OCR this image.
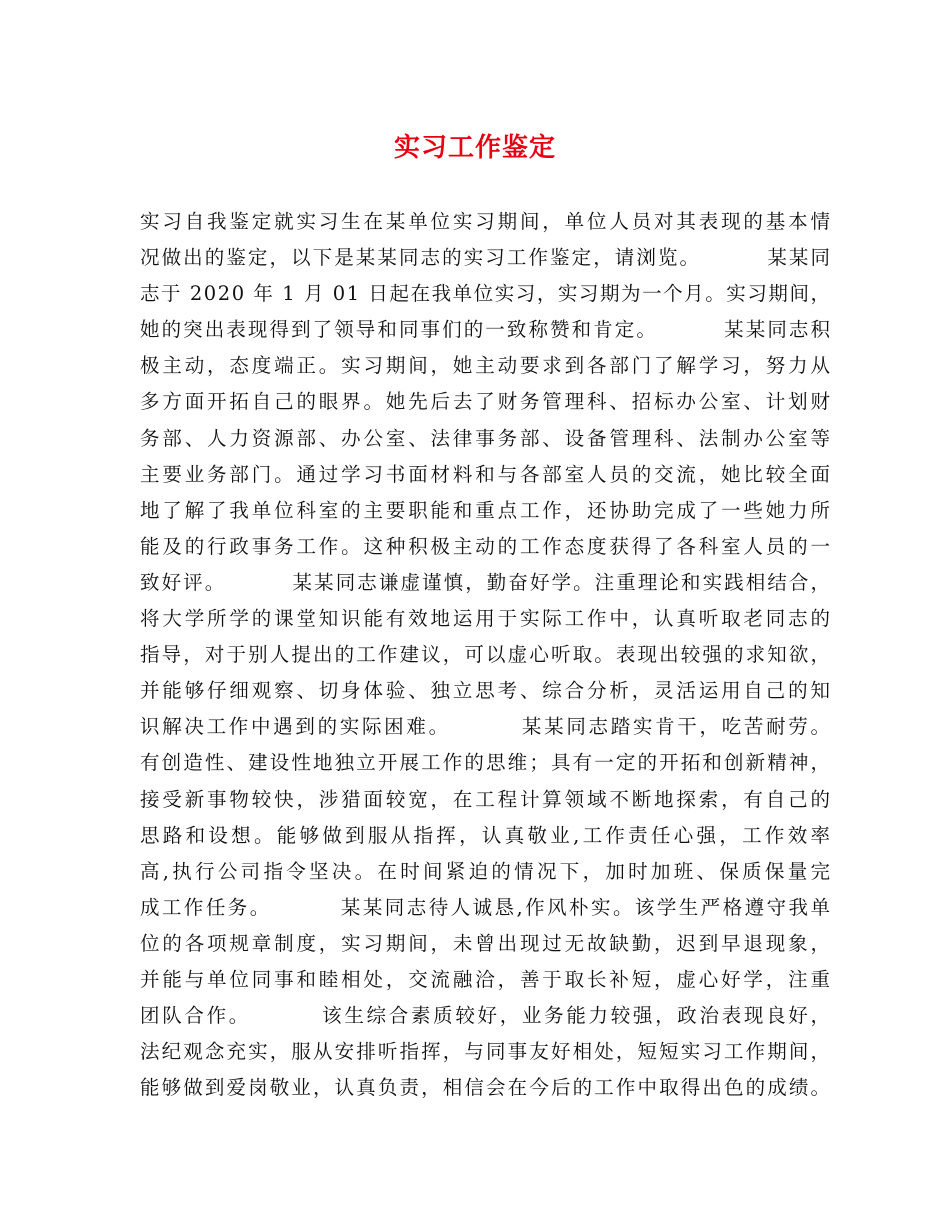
实习工作鉴定
实习自我鉴定就实习生在某单位实习期间，单位人员对其表现的基本情
况做出的鉴定，以下是某某同志的实习工作鉴定，请浏览。        某某同
志于 2020 年 1 月 01 日起在我单位实习，实习期为一个月。实习期间，
她的突出表现得到了领导和同事们的一致称赞和肯定。        某某同志积
极主动，态度端正。实习期间，她主动要求到各部门了解学习，努力从
多方面开拓自己的眼界。她先后去了财务管理科、招标办公室、计划财
务部、人力资源部、办公室、法律事务部、设备管理科、法制办公室等
主要业务部门。通过学习书面材料和与各部室人员的交流，她比较全面
地了解了我单位科室的主要职能和重点工作，还协助完成了一些她力所
能及的行政事务工作。这种积极主动的工作态度获得了各科室人员的一
致好评。        某某同志谦虚谨慎，勤奋好学。注重理论和实践相结合，
将大学所学的课堂知识能有效地运用于实际工作中，认真听取老同志的
指导，对于别人提出的工作建议，可以虚心听取。表现出较强的求知欲，
并能够仔细观察、切身体验、独立思考、综合分析，灵活运用自己的知
识解决工作中遇到的实际困难。        某某同志踏实肯干，吃苦耐劳。
有创造性、建设性地独立开展工作的思维；具有一定的开拓和创新精神，
接受新事物较快，涉猎面较宽，在工程计算领域不断地探索，有自己的
思路和设想。能够做到服从指挥，认真敬业,工作责任心强，工作效率
高,执行公司指令坚决。在时间紧迫的情况下，加时加班、保质保量完
成工作任务。        某某同志待人诚恳,作风朴实。该学生严格遵守我单
位的各项规章制度，实习期间，未曾出现过无故缺勤，迟到早退现象，
并能与单位同事和睦相处，交流融洽，善于取长补短，虚心好学，注重
团队合作。        该生综合素质较好，业务能力较强，政治表现良好，
法纪观念充实，服从安排听指挥，与同事友好相处，短短实习工作期间，
能够做到爱岗敬业，认真负责，相信会在今后的工作中取得出色的成绩。
